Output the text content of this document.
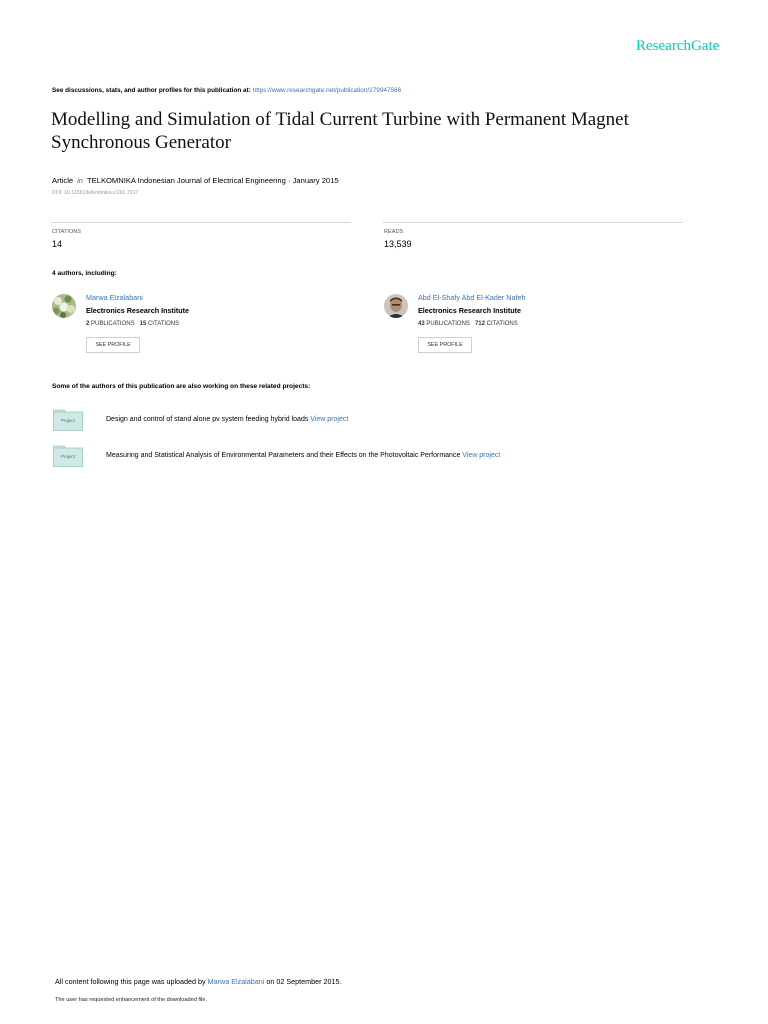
ResearchGate
See discussions, stats, and author profiles for this publication at: https://www.researchgate.net/publication/279947566
Modelling and Simulation of Tidal Current Turbine with Permanent Magnet Synchronous Generator
Article in TELKOMNIKA Indonesian Journal of Electrical Engineering · January 2015
DOI: 10.11591/telkomnika.v13i1.7017
CITATIONS
14
READS
13,539
4 authors, including:
Marwa Elzalabani
Electronics Research Institute
2 PUBLICATIONS 15 CITATIONS
SEE PROFILE
Abd El-Shafy Abd El-Kader Nafeh
Electronics Research Institute
43 PUBLICATIONS 712 CITATIONS
SEE PROFILE
Some of the authors of this publication are also working on these related projects:
Project	Design and control of stand alone pv system feeding hybrid loads View project
Project	Measuring and Statistical Analysis of Environmental Parameters and their Effects on the Photovoltaic Performance View project
All content following this page was uploaded by Marwa Elzalabani on 02 September 2015.
The user has requested enhancement of the downloaded file.
